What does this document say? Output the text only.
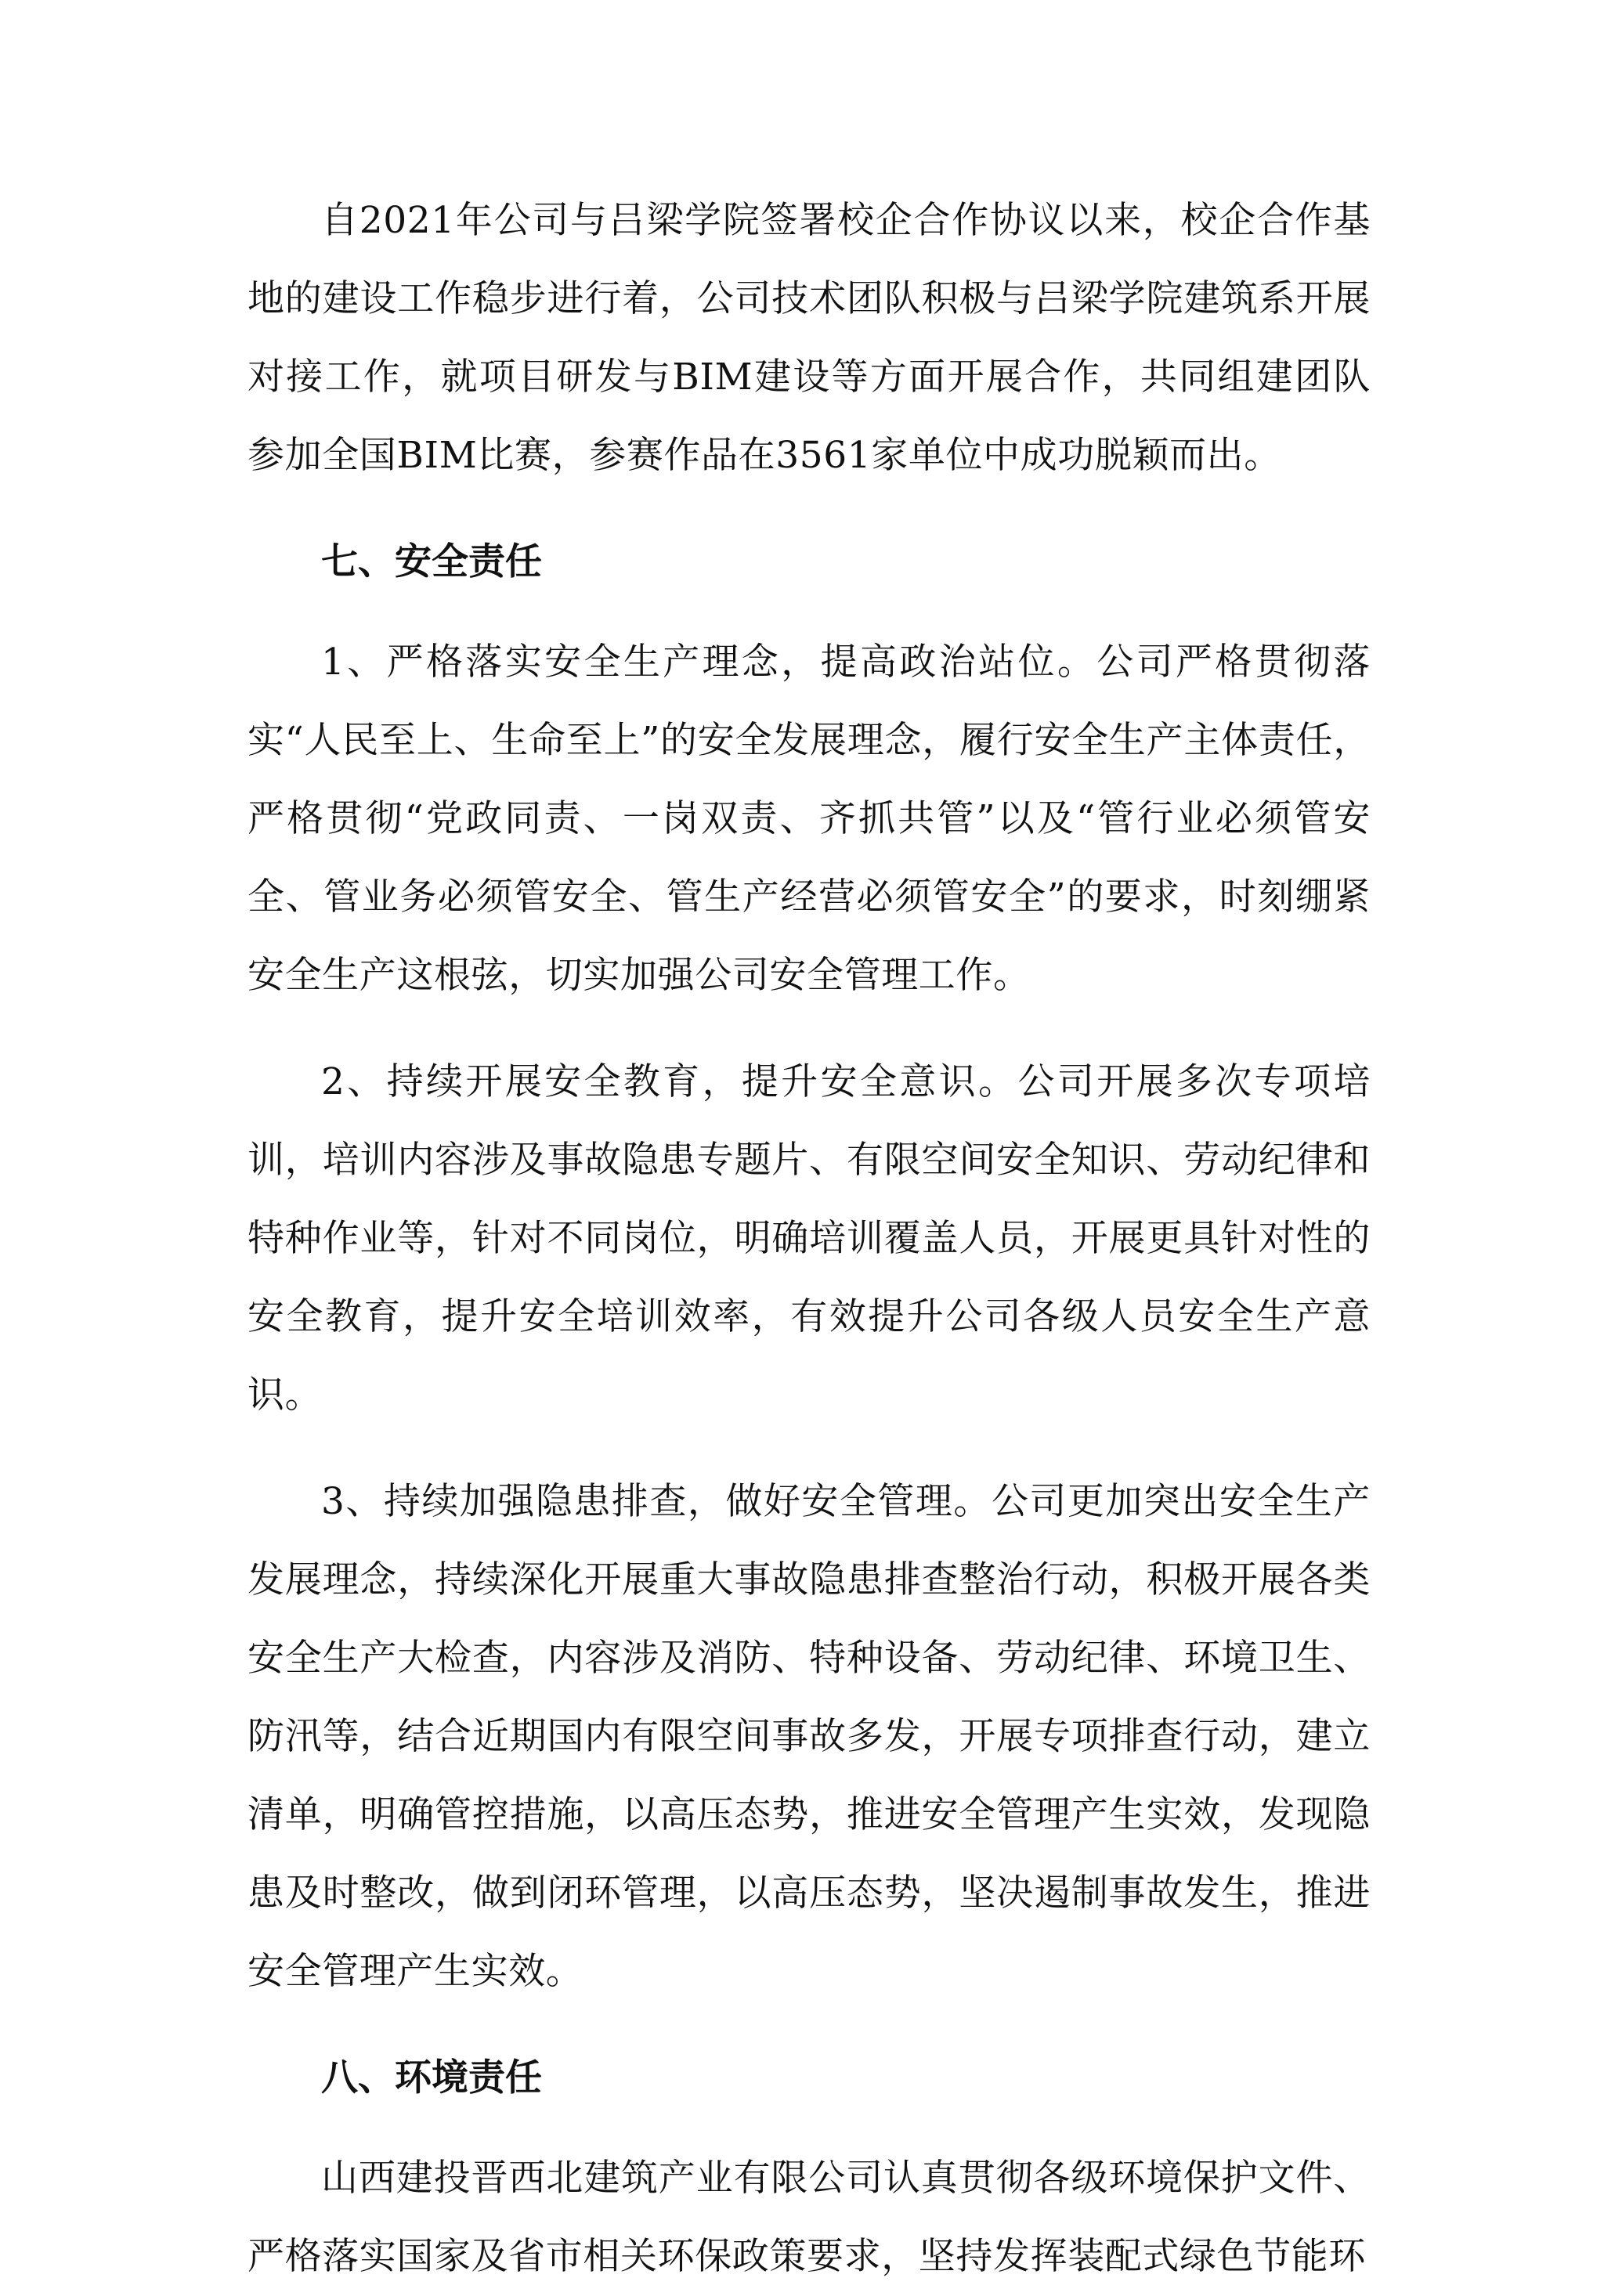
自2021年公司与吕梁学院签署校企合作协议以来，校企合作基地的建设工作稳步进行着，公司技术团队积极与吕梁学院建筑系开展对接工作，就项目研发与BIM建设等方面开展合作，共同组建团队参加全国BIM比赛，参赛作品在3561家单位中成功脱颖而出。

七、安全责任

1、严格落实安全生产理念，提高政治站位。公司严格贯彻落实“人民至上、生命至上”的安全发展理念，履行安全生产主体责任，严格贯彻“党政同责、一岗双责、齐抓共管”以及“管行业必须管安全、管业务必须管安全、管生产经营必须管安全”的要求，时刻绷紧安全生产这根弦，切实加强公司安全管理工作。

2、持续开展安全教育，提升安全意识。公司开展多次专项培训，培训内容涉及事故隐患专题片、有限空间安全知识、劳动纪律和特种作业等，针对不同岗位，明确培训覆盖人员，开展更具针对性的安全教育，提升安全培训效率，有效提升公司各级人员安全生产意识。

3、持续加强隐患排查，做好安全管理。公司更加突出安全生产发展理念，持续深化开展重大事故隐患排查整治行动，积极开展各类安全生产大检查，内容涉及消防、特种设备、劳动纪律、环境卫生、防汛等，结合近期国内有限空间事故多发，开展专项排查行动，建立清单，明确管控措施，以高压态势，推进安全管理产生实效，发现隐患及时整改，做到闭环管理，以高压态势，坚决遏制事故发生，推进安全管理产生实效。

八、环境责任

山西建投晋西北建筑产业有限公司认真贯彻各级环境保护文件、严格落实国家及省市相关环保政策要求，坚持发挥装配式绿色节能环
